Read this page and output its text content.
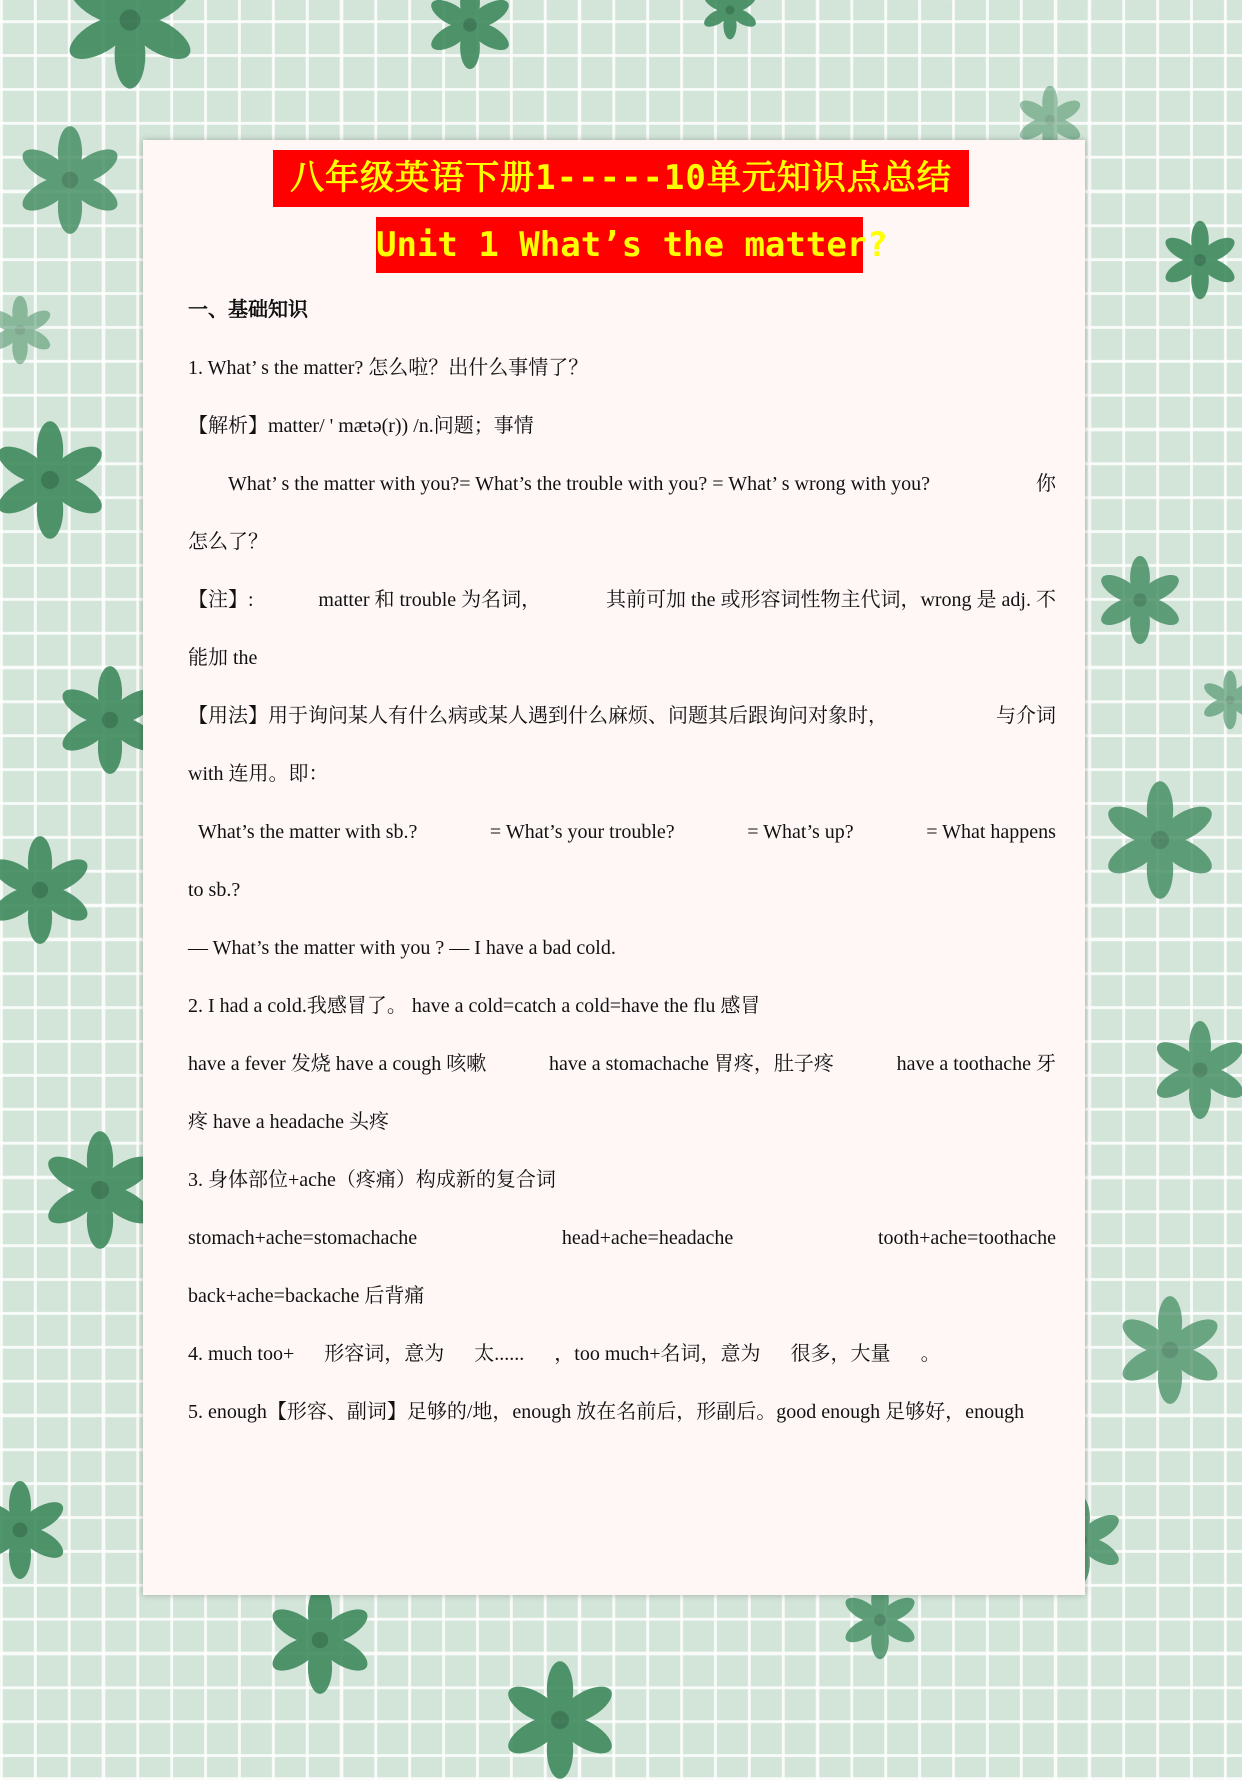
八年级英语下册1-----10单元知识点总结
Unit 1 What’s the matter?
一、基础知识
1. What’ s the matter? 怎么啦？出什么事情了？
【解析】matter/ ' mætə(r)) /n.问题；事情
What’ s the matter with you?= What’s the trouble with you? = What’ s wrong with you?	你
怎么了？
【注】:	matter 和 trouble 为名词，	其前可加 the 或形容词性物主代词，wrong 是 adj. 不
能加 the
【用法】用于询问某人有什么病或某人遇到什么麻烦、问题其后跟询问对象时，	与介词
with 连用。即：
What’s the matter with sb.?	= What’s your trouble?	= What’s up?	= What happens
to sb.?
— What’s the matter with you ? — I have a bad cold.
2. I had a cold.我感冒了。 have a cold=catch a cold=have the flu 感冒
have a fever 发烧 have a cough 咳嗽	have a stomachache 胃疼，肚子疼	have a toothache 牙
疼 have a headache 头疼
3. 身体部位+ache（疼痛）构成新的复合词
stomach+ache=stomachache	head+ache=headache	tooth+ache=toothache
back+ache=backache 后背痛
4. much too+ 形容词，意为 太...... ，too much+名词，意为 很多，大量 。
5. enough【形容、副词】足够的/地，enough 放在名前后，形副后。good enough 足够好，enough
